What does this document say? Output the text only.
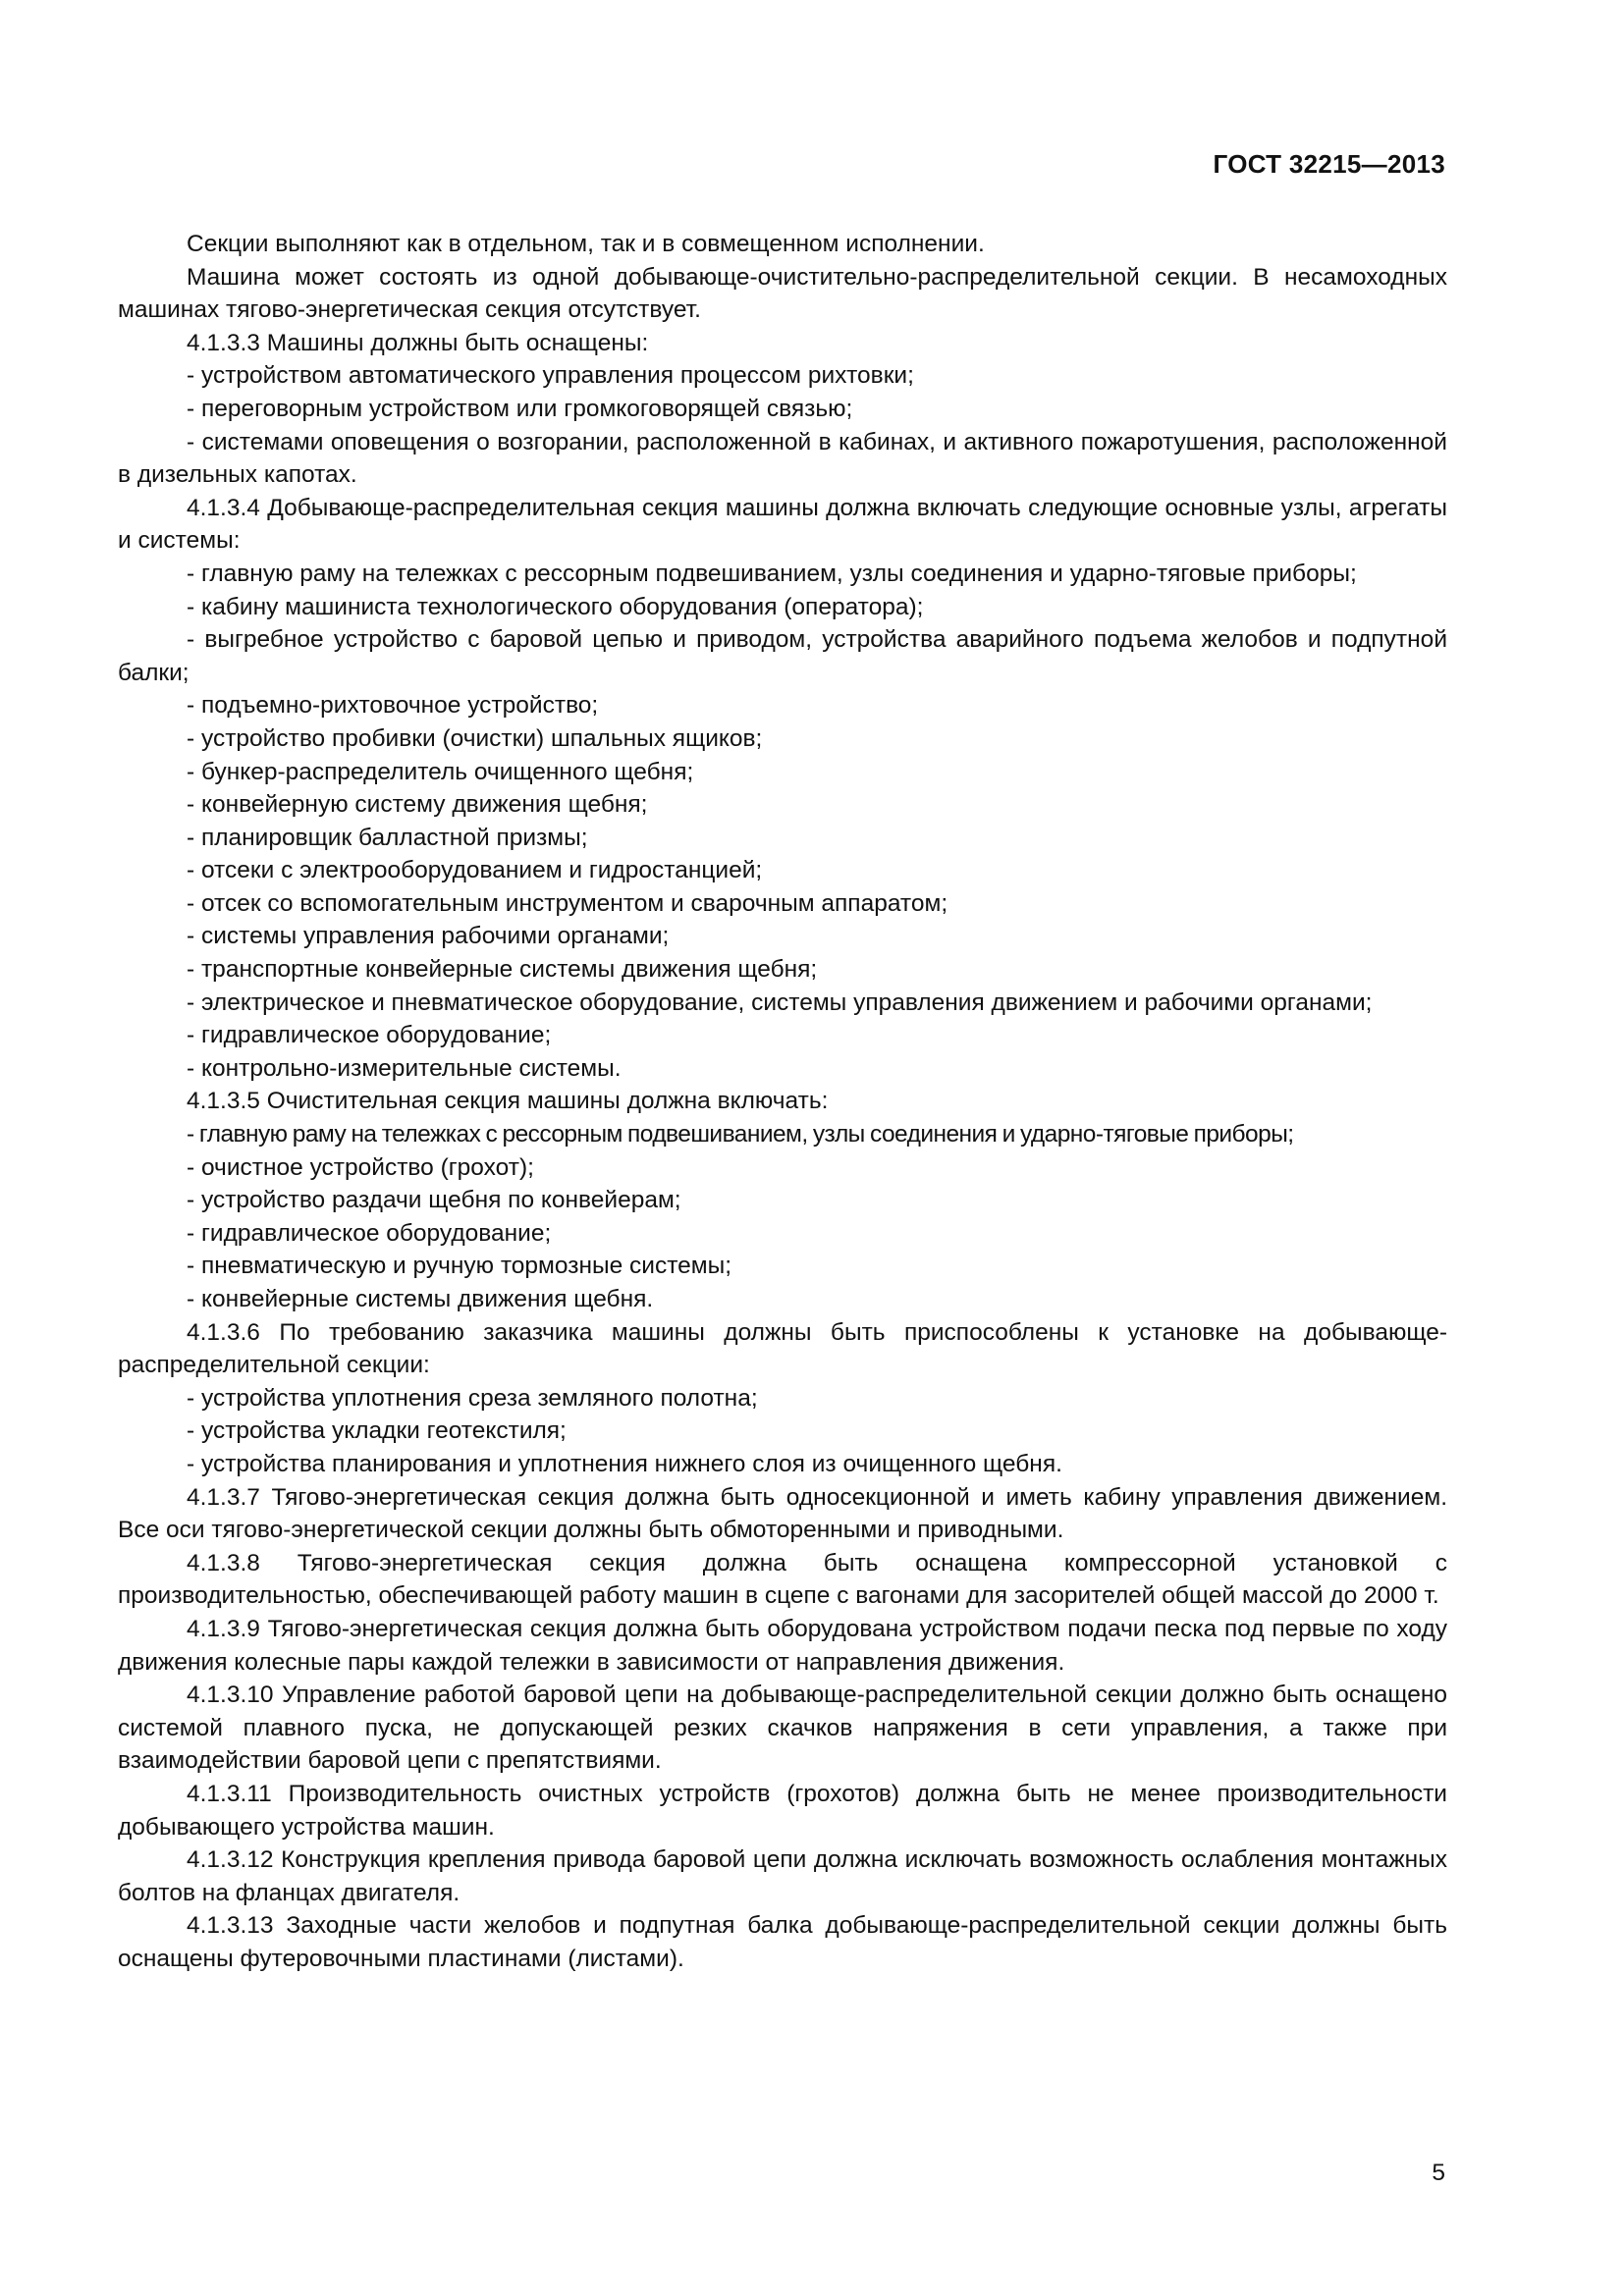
ГОСТ 32215—2013

Секции выполняют как в отдельном, так и в совмещенном исполнении.

Машина может состоять из одной добывающе-очистительно-распределительной секции. В несамоходных машинах тягово-энергетическая секция отсутствует.

4.1.3.3 Машины должны быть оснащены:

- устройством автоматического управления процессом рихтовки;

- переговорным устройством или громкоговорящей связью;

- системами оповещения о возгорании, расположенной в кабинах, и активного пожаротушения, расположенной в дизельных капотах.

4.1.3.4 Добывающе-распределительная секция машины должна включать следующие основные узлы, агрегаты и системы:

- главную раму на тележках с рессорным подвешиванием, узлы соединения и ударно-тяговые приборы;

- кабину машиниста технологического оборудования (оператора);

- выгребное устройство с баровой цепью и приводом, устройства аварийного подъема желобов и подпутной балки;

- подъемно-рихтовочное устройство;

- устройство пробивки (очистки) шпальных ящиков;

- бункер-распределитель очищенного щебня;

- конвейерную систему движения щебня;

- планировщик балластной призмы;

- отсеки с электрооборудованием и гидростанцией;

- отсек со вспомогательным инструментом и сварочным аппаратом;

- системы управления рабочими органами;

- транспортные конвейерные системы движения щебня;

- электрическое и пневматическое оборудование, системы управления движением и рабочими органами;

- гидравлическое оборудование;

- контрольно-измерительные системы.

4.1.3.5 Очистительная секция машины должна включать:

- главную раму на тележках с рессорным подвешиванием, узлы соединения и ударно-тяговые приборы;

- очистное устройство (грохот);

- устройство раздачи щебня по конвейерам;

- гидравлическое оборудование;

- пневматическую и ручную тормозные системы;

- конвейерные системы движения щебня.

4.1.3.6 По требованию заказчика машины должны быть приспособлены к установке на добывающе-распределительной секции:

- устройства уплотнения среза земляного полотна;

- устройства укладки геотекстиля;

- устройства планирования и уплотнения нижнего слоя из очищенного щебня.

4.1.3.7 Тягово-энергетическая секция должна быть односекционной и иметь кабину управления движением. Все оси тягово-энергетической секции должны быть обмоторенными и приводными.

4.1.3.8 Тягово-энергетическая секция должна быть оснащена компрессорной установкой с производительностью, обеспечивающей работу машин в сцепе с вагонами для засорителей общей массой до 2000 т.

4.1.3.9 Тягово-энергетическая секция должна быть оборудована устройством подачи песка под первые по ходу движения колесные пары каждой тележки в зависимости от направления движения.

4.1.3.10 Управление работой баровой цепи на добывающе-распределительной секции должно быть оснащено системой плавного пуска, не допускающей резких скачков напряжения в сети управления, а также при взаимодействии баровой цепи с препятствиями.

4.1.3.11 Производительность очистных устройств (грохотов) должна быть не менее производительности добывающего устройства машин.

4.1.3.12 Конструкция крепления привода баровой цепи должна исключать возможность ослабления монтажных болтов на фланцах двигателя.

4.1.3.13 Заходные части желобов и подпутная балка добывающе-распределительной секции должны быть оснащены футеровочными пластинами (листами).

5
